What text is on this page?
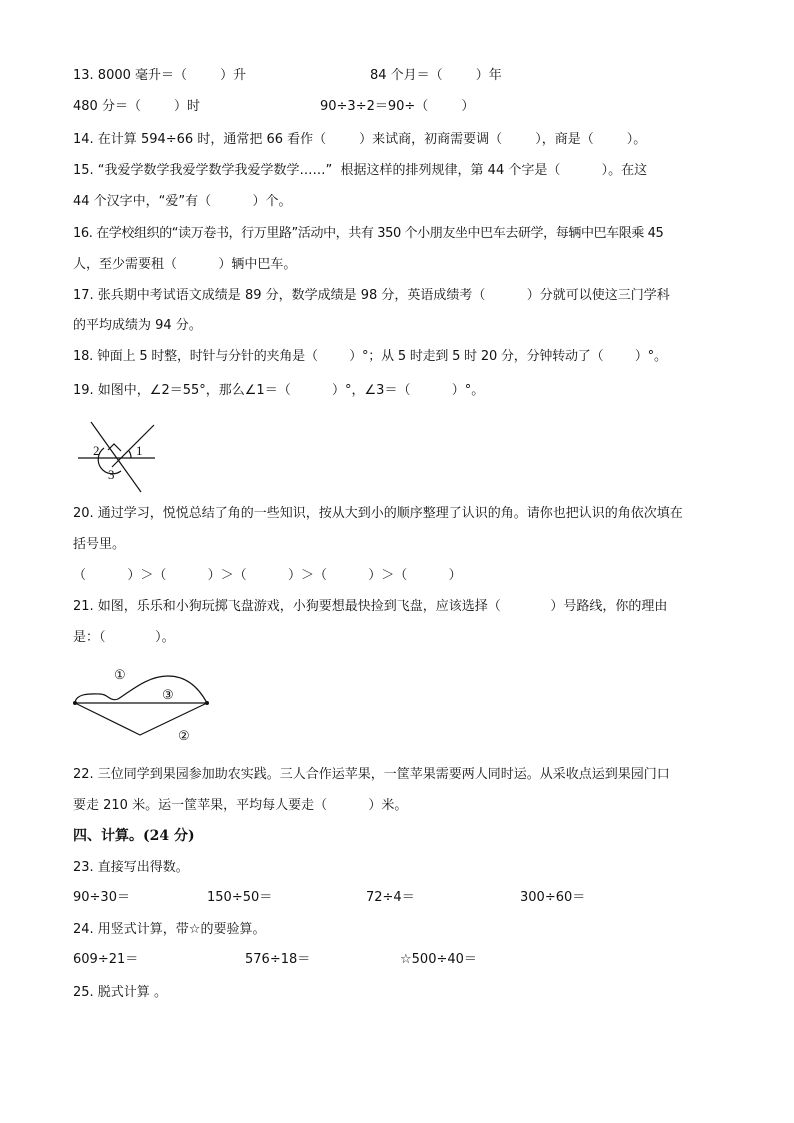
13. 8000 毫升＝（        ）升	84 个月＝（        ）年
480 分＝（        ）时	90÷3÷2＝90÷（        ）
14. 在计算 594÷66 时，通常把 66 看作（        ）来试商，初商需要调（        ），商是（        ）。
15. “我爱学数学我爱学数学我爱学数学……”  根据这样的排列规律，第 44 个字是（          ）。在这
44 个汉字中，“爱”有（          ）个。
16. 在学校组织的“读万卷书，行万里路”活动中，共有 350 个小朋友坐中巴车去研学，每辆中巴车限乘 45
人，至少需要租（          ）辆中巴车。
17. 张兵期中考试语文成绩是 89 分，数学成绩是 98 分，英语成绩考（          ）分就可以使这三门学科
的平均成绩为 94 分。
18. 钟面上 5 时整，时针与分针的夹角是（        ）°；从 5 时走到 5 时 20 分，分钟转动了（        ）°。
19. 如图中，∠2＝55°，那么∠1＝（          ）°，∠3＝（          ）°。
2	1
3
20. 通过学习，悦悦总结了角的一些知识，按从大到小的顺序整理了认识的角。请你也把认识的角依次填在
括号里。
（          ）＞（          ）＞（          ）＞（          ）＞（          ）
21. 如图，乐乐和小狗玩掷飞盘游戏，小狗要想最快捡到飞盘，应该选择（            ）号路线，你的理由
是：（            ）。
①
③
②
22. 三位同学到果园参加助农实践。三人合作运苹果，一筐苹果需要两人同时运。从采收点运到果园门口
要走 210 米。运一筐苹果，平均每人要走（          ）米。
四、计算。(24 分)
23. 直接写出得数。
90÷30＝	150÷50＝	72÷4＝	300÷60＝
24. 用竖式计算，带☆的要验算。
609÷21＝	576÷18＝	☆500÷40＝
25. 脱式计算 。
